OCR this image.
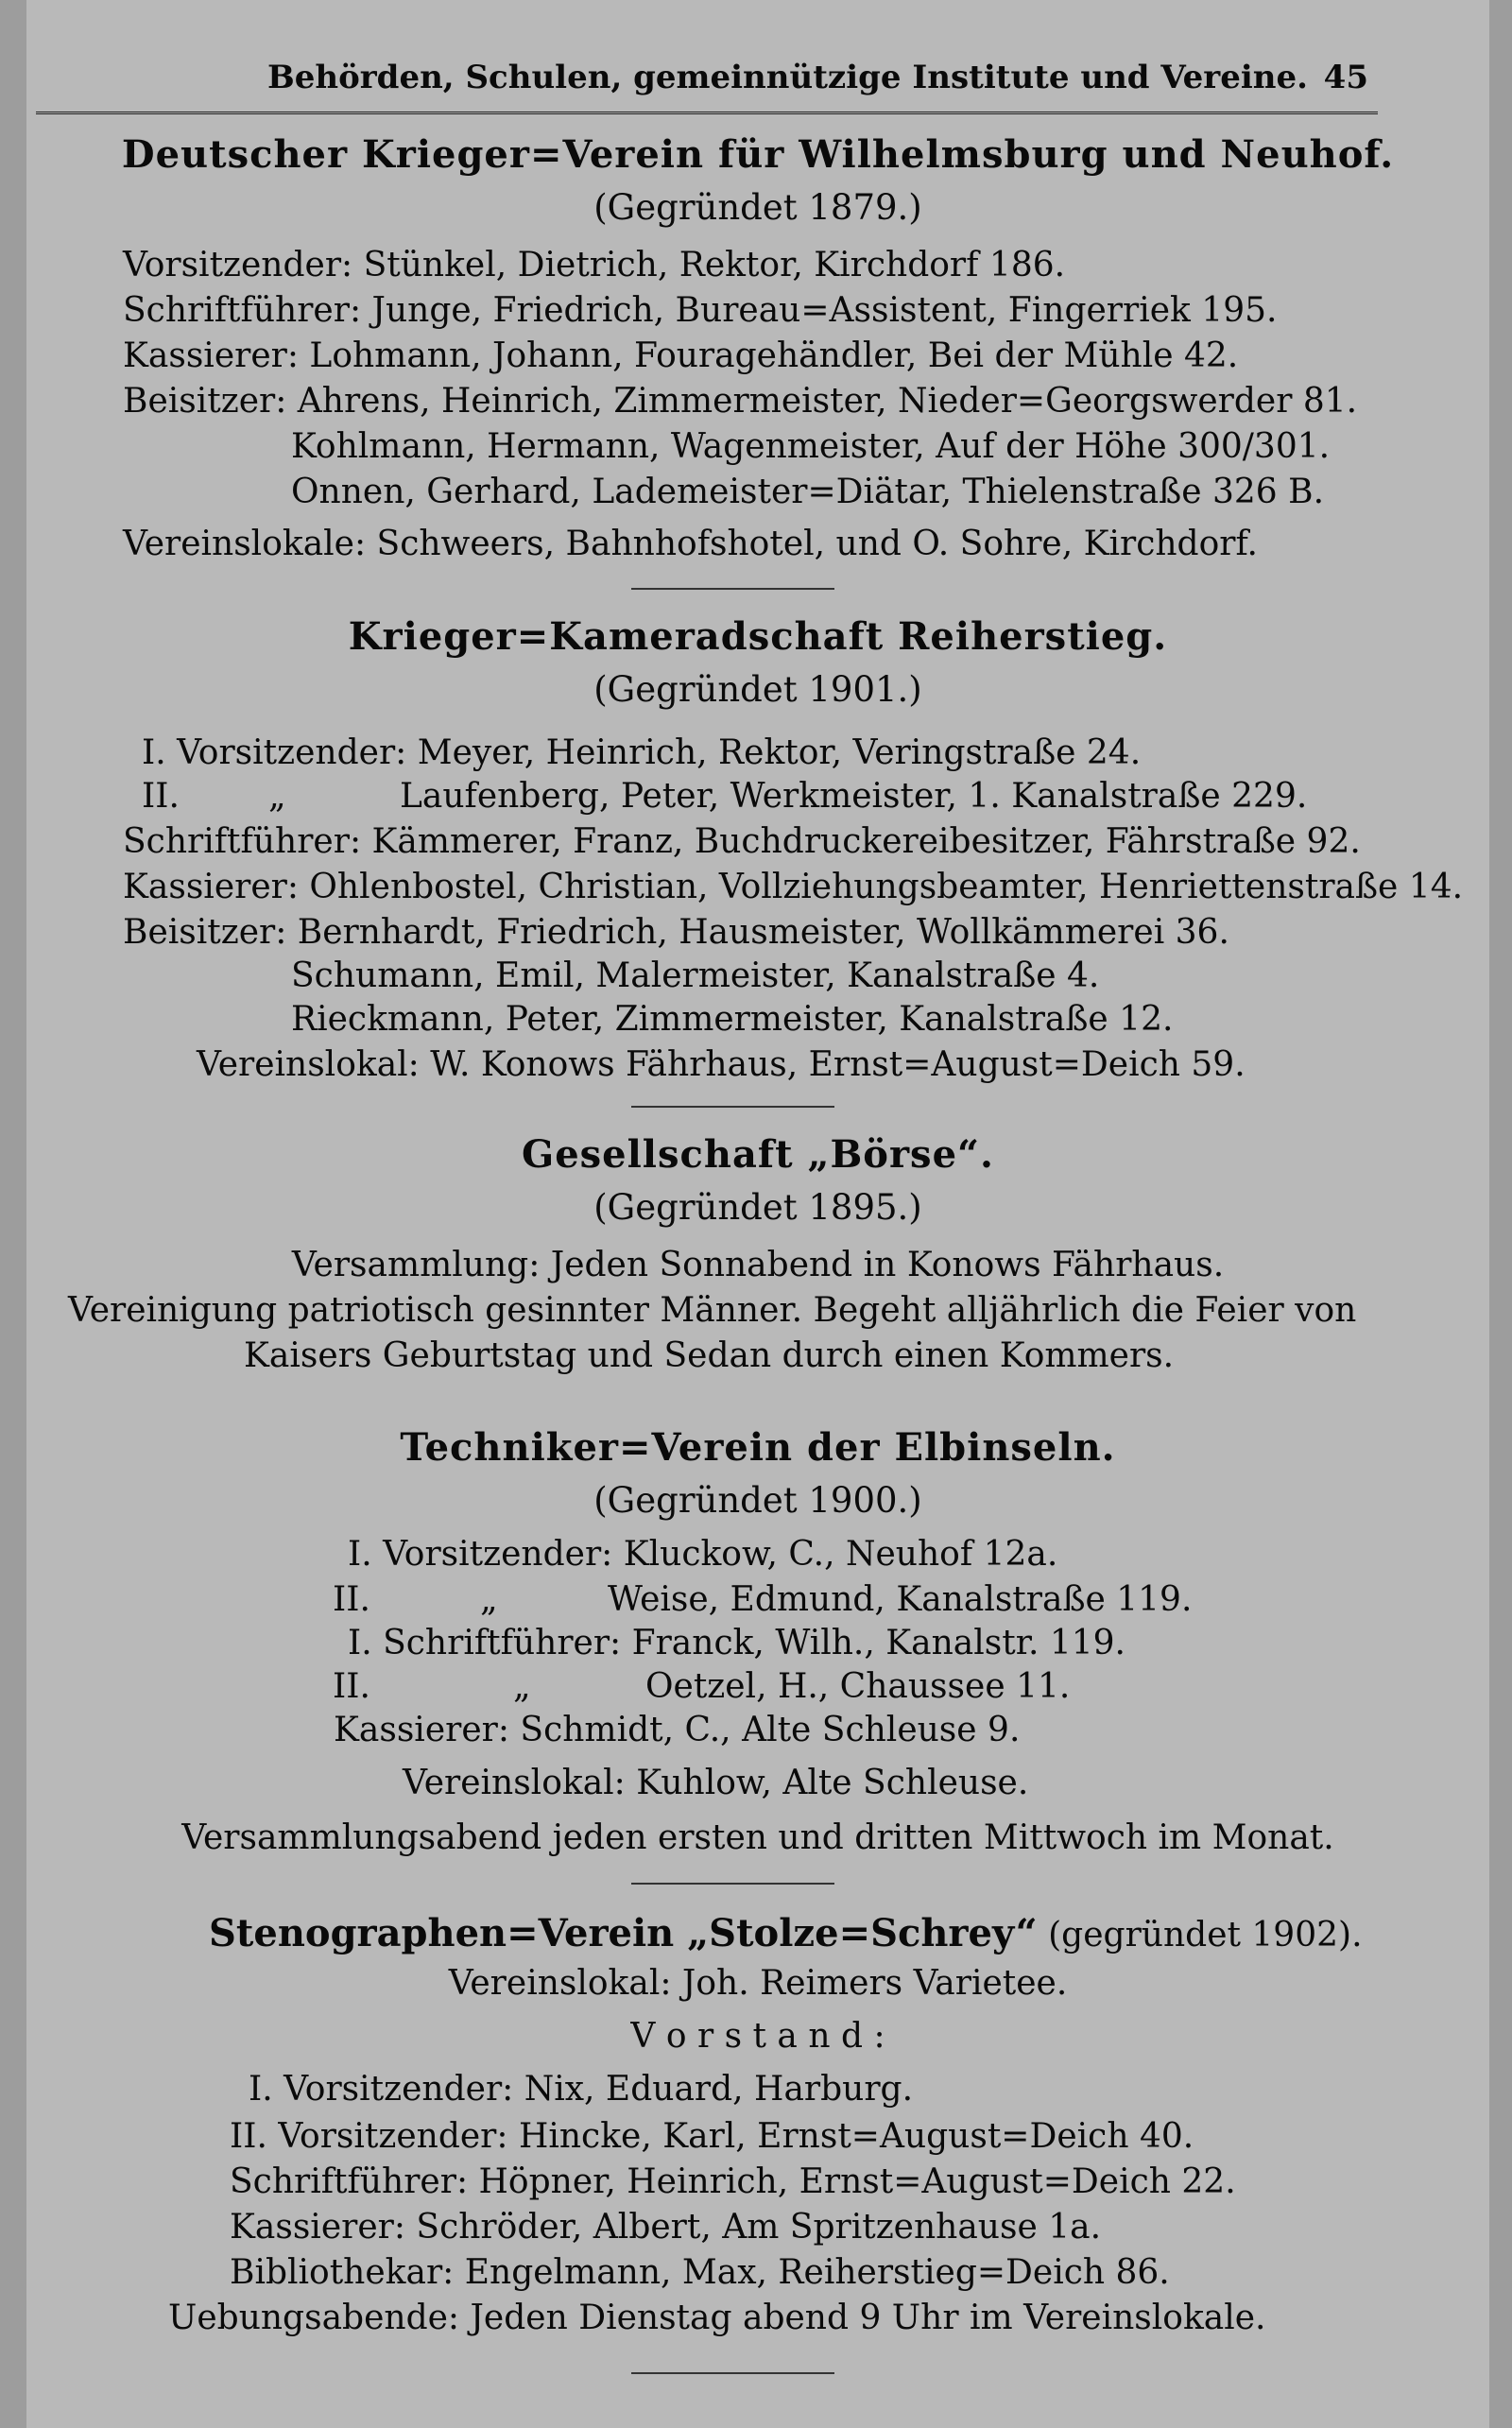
Behörden, Schulen, gemeinnützige Institute und Vereine. 45
Deutscher Krieger=Verein für Wilhelmsburg und Neuhof.
(Gegründet 1879.)
Vorsitzender: Stünkel, Dietrich, Rektor, Kirchdorf 186.
Schriftführer: Junge, Friedrich, Bureau=Assistent, Fingerriek 195.
Kassierer: Lohmann, Johann, Fouragehändler, Bei der Mühle 42.
Beisitzer: Ahrens, Heinrich, Zimmermeister, Nieder=Georgswerder 81.
Kohlmann, Hermann, Wagenmeister, Auf der Höhe 300/301.
Onnen, Gerhard, Lademeister=Diätar, Thielenstraße 326 B.
Vereinslokale: Schweers, Bahnhofshotel, und O. Sohre, Kirchdorf.
Krieger=Kameradschaft Reiherstieg.
(Gegründet 1901.)
I. Vorsitzender: Meyer, Heinrich, Rektor, Veringstraße 24.
II.	„	Laufenberg, Peter, Werkmeister, 1. Kanalstraße 229.
Schriftführer: Kämmerer, Franz, Buchdruckereibesitzer, Fährstraße 92.
Kassierer: Ohlenbostel, Christian, Vollziehungsbeamter, Henriettenstraße 14.
Beisitzer: Bernhardt, Friedrich, Hausmeister, Wollkämmerei 36.
Schumann, Emil, Malermeister, Kanalstraße 4.
Rieckmann, Peter, Zimmermeister, Kanalstraße 12.
Vereinslokal: W. Konows Fährhaus, Ernst=August=Deich 59.
Gesellschaft „Börse“.
(Gegründet 1895.)
Versammlung: Jeden Sonnabend in Konows Fährhaus.
Vereinigung patriotisch gesinnter Männer. Begeht alljährlich die Feier von
Kaisers Geburtstag und Sedan durch einen Kommers.
Techniker=Verein der Elbinseln.
(Gegründet 1900.)
I. Vorsitzender: Kluckow, C., Neuhof 12a.
II.	„	Weise, Edmund, Kanalstraße 119.
I. Schriftführer: Franck, Wilh., Kanalstr. 119.
II.	„	Oetzel, H., Chaussee 11.
Kassierer: Schmidt, C., Alte Schleuse 9.
Vereinslokal: Kuhlow, Alte Schleuse.
Versammlungsabend jeden ersten und dritten Mittwoch im Monat.
Stenographen=Verein „Stolze=Schrey“ (gegründet 1902).
Vereinslokal: Joh. Reimers Varietee.
V o r s t a n d :
I. Vorsitzender: Nix, Eduard, Harburg.
II. Vorsitzender: Hincke, Karl, Ernst=August=Deich 40.
Schriftführer: Höpner, Heinrich, Ernst=August=Deich 22.
Kassierer: Schröder, Albert, Am Spritzenhause 1a.
Bibliothekar: Engelmann, Max, Reiherstieg=Deich 86.
Uebungsabende: Jeden Dienstag abend 9 Uhr im Vereinslokale.
